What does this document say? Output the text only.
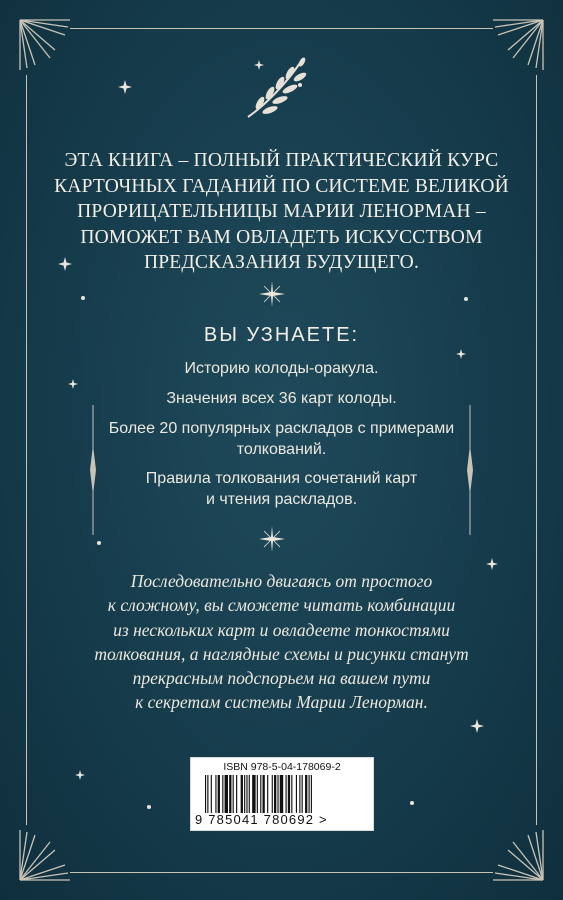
ЭТА КНИГА – ПОЛНЫЙ ПРАКТИЧЕСКИЙ КУРС
КАРТОЧНЫХ ГАДАНИЙ ПО СИСТЕМЕ ВЕЛИКОЙ
ПРОРИЦАТЕЛЬНИЦЫ МАРИИ ЛЕНОРМАН –
ПОМОЖЕТ ВАМ ОВЛАДЕТЬ ИСКУССТВОМ
ПРЕДСКАЗАНИЯ БУДУЩЕГО.
ВЫ УЗНАЕТЕ:
Историю колоды-оракула.
Значения всех 36 карт колоды.
Более 20 популярных раскладов с примерами
толкований.
Правила толкования сочетаний карт
и чтения раскладов.
Последовательно двигаясь от простого
к сложному, вы сможете читать комбинации
из нескольких карт и овладеете тонкостями
толкования, а наглядные схемы и рисунки станут
прекрасным подспорьем на вашем пути
к секретам системы Марии Ленорман.
ISBN 978-5-04-178069-2
9 785041 780692 >
